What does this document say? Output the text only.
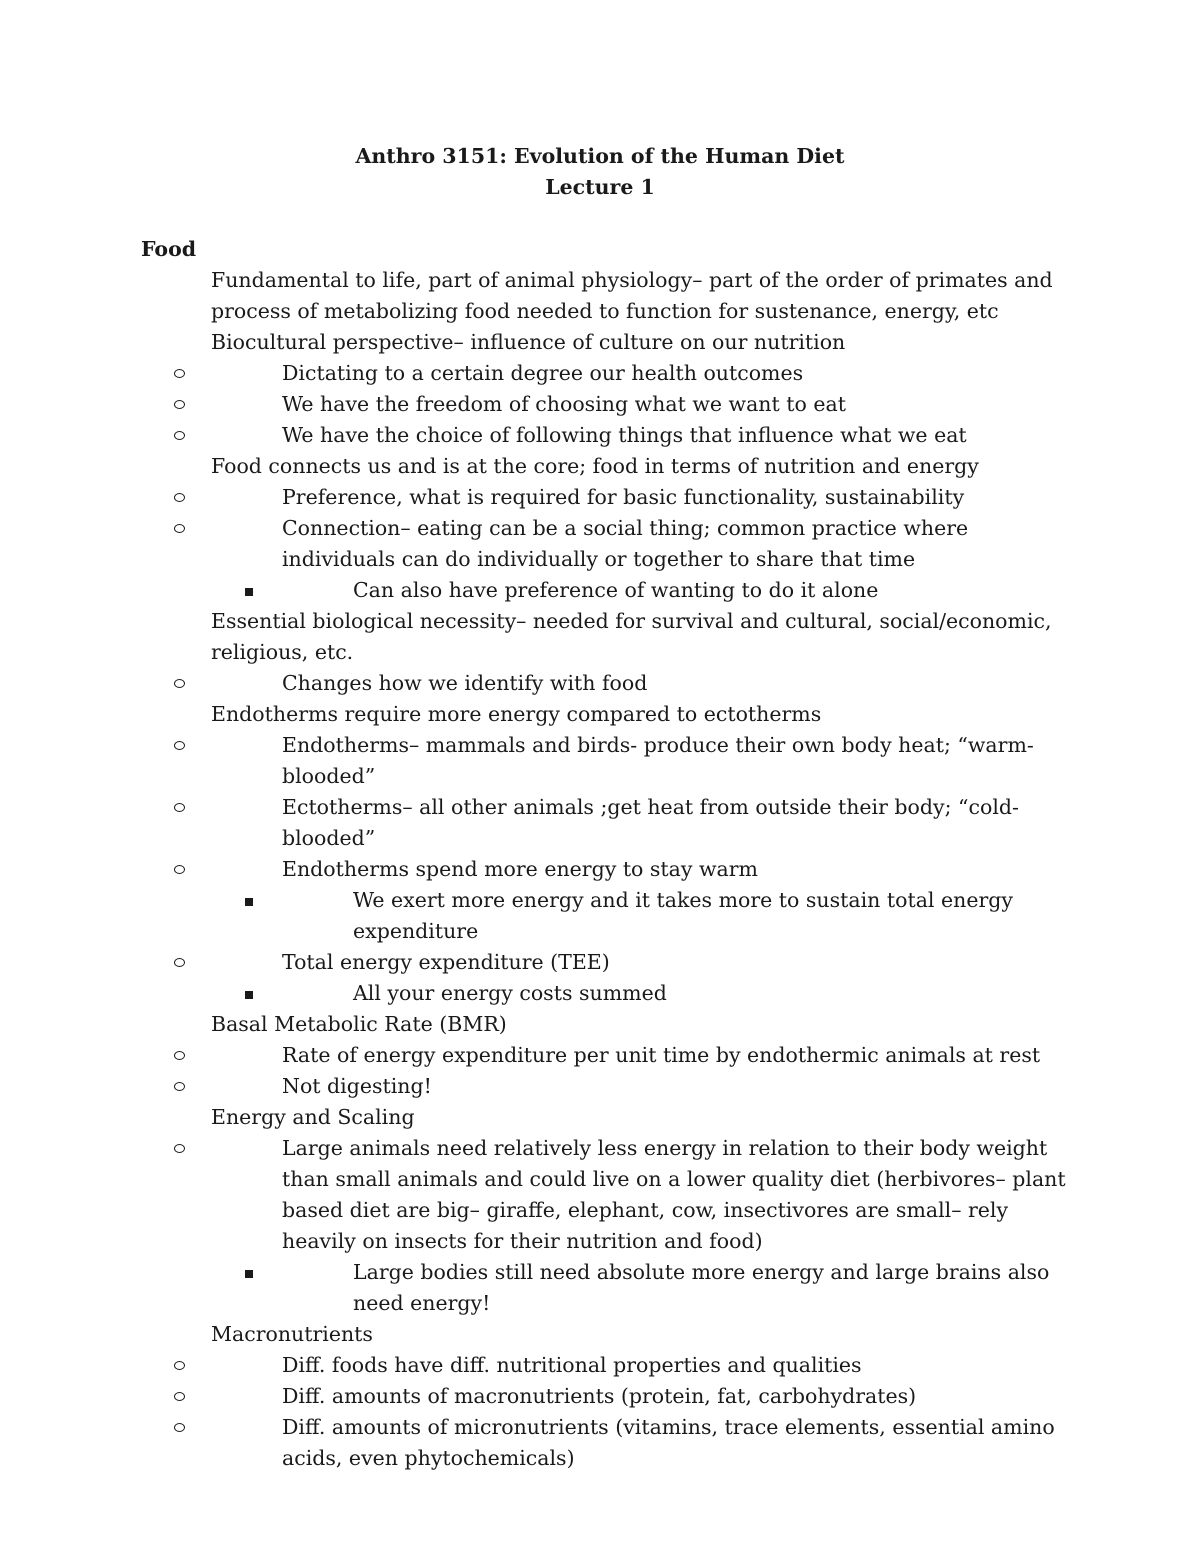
Anthro 3151: Evolution of the Human Diet
Lecture 1
Food
Fundamental to life, part of animal physiology– part of the order of primates and process of metabolizing food needed to function for sustenance, energy, etc
Biocultural perspective– influence of culture on our nutrition
Dictating to a certain degree our health outcomes
We have the freedom of choosing what we want to eat
We have the choice of following things that influence what we eat
Food connects us and is at the core; food in terms of nutrition and energy
Preference, what is required for basic functionality, sustainability
Connection– eating can be a social thing; common practice where individuals can do individually or together to share that time
Can also have preference of wanting to do it alone
Essential biological necessity– needed for survival and cultural, social/economic, religious, etc.
Changes how we identify with food
Endotherms require more energy compared to ectotherms
Endotherms– mammals and birds- produce their own body heat; “warm-blooded”
Ectotherms– all other animals ;get heat from outside their body; “cold-blooded”
Endotherms spend more energy to stay warm
We exert more energy and it takes more to sustain total energy expenditure
Total energy expenditure (TEE)
All your energy costs summed
Basal Metabolic Rate (BMR)
Rate of energy expenditure per unit time by endothermic animals at rest
Not digesting!
Energy and Scaling
Large animals need relatively less energy in relation to their body weight than small animals and could live on a lower quality diet (herbivores– plant based diet are big– giraffe, elephant, cow, insectivores are small– rely heavily on insects for their nutrition and food)
Large bodies still need absolute more energy and large brains also need energy!
Macronutrients
Diff. foods have diff. nutritional properties and qualities
Diff. amounts of macronutrients (protein, fat, carbohydrates)
Diff. amounts of micronutrients (vitamins, trace elements, essential amino acids, even phytochemicals)
